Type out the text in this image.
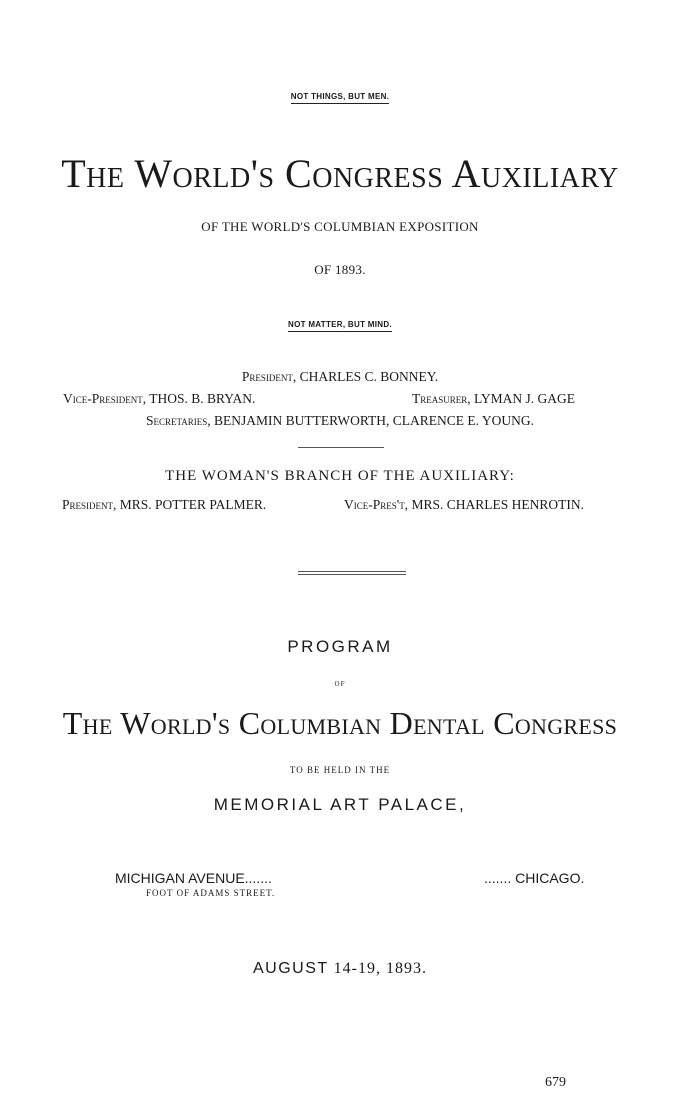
NOT THINGS, BUT MEN.
The World's Congress Auxiliary
OF THE WORLD'S COLUMBIAN EXPOSITION
OF 1893.
NOT MATTER, BUT MIND.
President, CHARLES C. BONNEY.
Vice-President, THOS. B. BRYAN.	Treasurer, LYMAN J. GAGE
Secretaries, BENJAMIN BUTTERWORTH, CLARENCE E. YOUNG.
THE WOMAN'S BRANCH OF THE AUXILIARY:
President, MRS. POTTER PALMER.	Vice-Pres't, MRS. CHARLES HENROTIN.
PROGRAM
OF
The World's Columbian Dental Congress
TO BE HELD IN THE
MEMORIAL ART PALACE,
MICHIGAN AVENUE.......	....... CHICAGO.
FOOT OF ADAMS STREET.
AUGUST 14-19, 1893.
679
